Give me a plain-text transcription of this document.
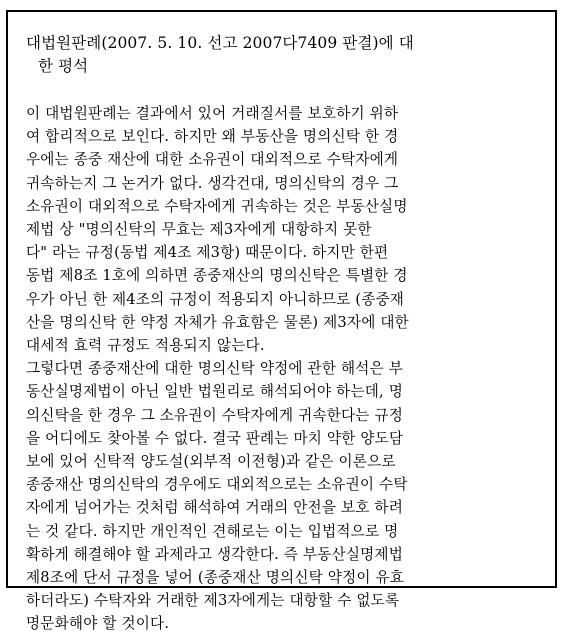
대법원판례(2007. 5. 10. 선고 2007다7409 판결)에 대
한 평석
이 대법원판례는 결과에서 있어 거래질서를 보호하기 위하
여 합리적으로 보인다. 하지만 왜 부동산을 명의신탁 한 경
우에는 종중 재산에 대한 소유권이 대외적으로 수탁자에게
귀속하는지 그 논거가 없다. 생각건대, 명의신탁의 경우 그
소유권이 대외적으로 수탁자에게 귀속하는 것은 부동산실명
제법 상 "명의신탁의 무효는 제3자에게 대항하지 못한
다" 라는 규정(동법 제4조 제3항) 때문이다. 하지만 한편
동법 제8조 1호에 의하면 종중재산의 명의신탁은 특별한 경
우가 아닌 한 제4조의 규정이 적용되지 아니하므로 (종중재
산을 명의신탁 한 약정 자체가 유효함은 물론) 제3자에 대한
대세적 효력 규정도 적용되지 않는다.
그렇다면 종중재산에 대한 명의신탁 약정에 관한 해석은 부
동산실명제법이 아닌 일반 법원리로 해석되어야 하는데, 명
의신탁을 한 경우 그 소유권이 수탁자에게 귀속한다는 규정
을 어디에도 찾아볼 수 없다. 결국 판례는 마치 약한 양도담
보에 있어 신탁적 양도설(외부적 이전형)과 같은 이론으로
종중재산 명의신탁의 경우에도 대외적으로는 소유권이 수탁
자에게 넘어가는 것처럼 해석하여 거래의 안전을 보호 하려
는 것 같다. 하지만 개인적인 견해로는 이는 입법적으로 명
확하게 해결해야 할 과제라고 생각한다. 즉 부동산실명제법
제8조에 단서 규정을 넣어 (종중재산 명의신탁 약정이 유효
하더라도) 수탁자와 거래한 제3자에게는 대항할 수 없도록
명문화해야 할 것이다.
